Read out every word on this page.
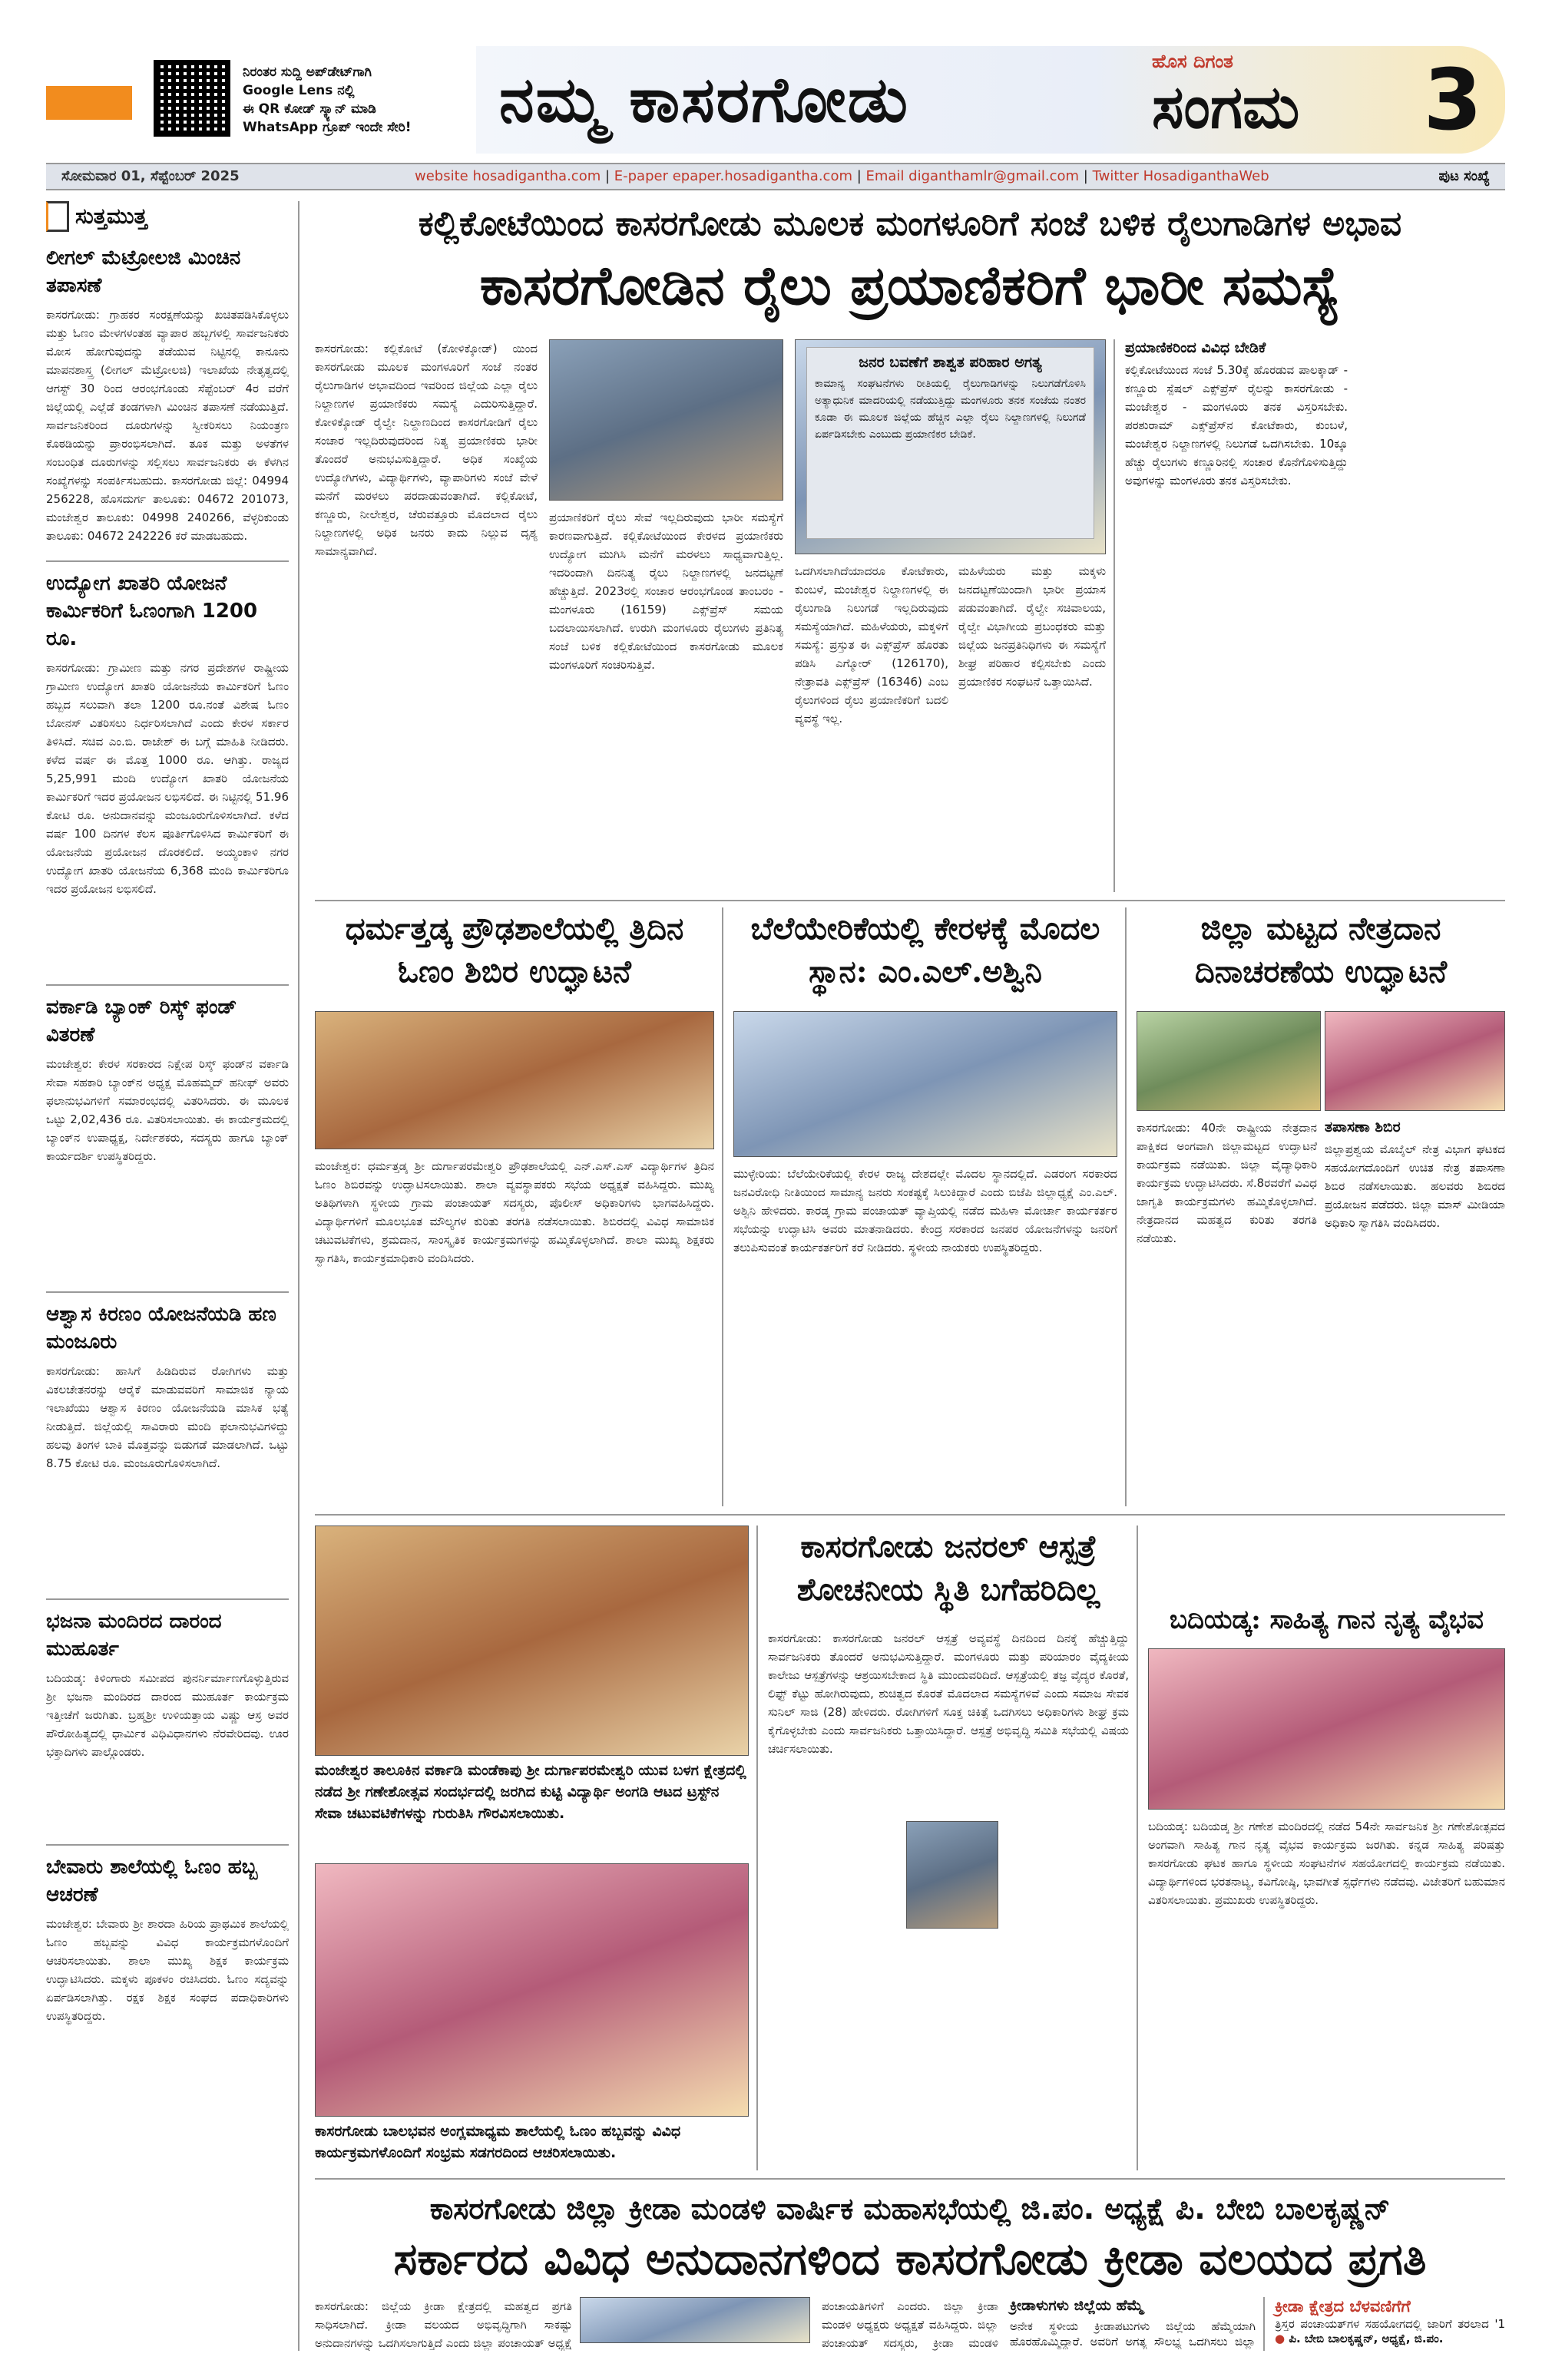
ನಿರಂತರ ಸುದ್ದಿ ಅಪ್‌ಡೇಟ್‌ಗಾಗಿ
Google Lens ನಲ್ಲಿ
ಈ QR ಕೋಡ್ ಸ್ಕ್ಯಾನ್ ಮಾಡಿ
WhatsApp ಗ್ರೂಪ್ ಇಂದೇ ಸೇರಿ!	ನಮ್ಮ ಕಾಸರಗೋಡು
ಹೊಸ ದಿಗಂತ
ಸಂಗಮ 3
ಸೋಮವಾರ 01, ಸೆಪ್ಟೆಂಬರ್ 2025	website hosadigantha.com | E-paper epaper.hosadigantha.com | Email diganthamlr@gmail.com | Twitter HosadiganthaWeb	ಪುಟ ಸಂಖ್ಯೆ
ಸುತ್ತಮುತ್ತ
ಲೀಗಲ್ ಮೆಟ್ರೋಲಜಿ ಮಿಂಚಿನ ತಪಾಸಣೆ
ಕಾಸರಗೋಡು: ಗ್ರಾಹಕರ ಸಂರಕ್ಷಣೆಯನ್ನು ಖಚಿತಪಡಿಸಿಕೊಳ್ಳಲು ಮತ್ತು ಓಣಂ ಮೇಳಗಳಂತಹ ವ್ಯಾಪಾರ ಹಬ್ಬಗಳಲ್ಲಿ ಸಾರ್ವಜನಿಕರು ಮೋಸ ಹೋಗುವುದನ್ನು ತಡೆಯುವ ನಿಟ್ಟಿನಲ್ಲಿ ಕಾನೂನು ಮಾಪನಶಾಸ್ತ್ರ (ಲೀಗಲ್ ಮೆಟ್ರೋಲಜಿ) ಇಲಾಖೆಯ ನೇತೃತ್ವದಲ್ಲಿ ಆಗಸ್ಟ್ 30 ರಿಂದ ಆರಂಭಗೊಂಡು ಸೆಪ್ಟೆಂಬರ್ 4ರ ವರೆಗೆ ಜಿಲ್ಲೆಯಲ್ಲಿ ಎಲ್ಲೆಡೆ ತಂಡಗಳಾಗಿ ಮಿಂಚಿನ ತಪಾಸಣೆ ನಡೆಯುತ್ತಿದೆ. ಸಾರ್ವಜನಿಕರಿಂದ ದೂರುಗಳನ್ನು ಸ್ವೀಕರಿಸಲು ನಿಯಂತ್ರಣ ಕೊಠಡಿಯನ್ನು ಪ್ರಾರಂಭಿಸಲಾಗಿದೆ. ತೂಕ ಮತ್ತು ಅಳತೆಗಳ ಸಂಬಂಧಿತ ದೂರುಗಳನ್ನು ಸಲ್ಲಿಸಲು ಸಾರ್ವಜನಿಕರು ಈ ಕೆಳಗಿನ ಸಂಖ್ಯೆಗಳನ್ನು ಸಂಪರ್ಕಿಸಬಹುದು. ಕಾಸರಗೋಡು ಜಿಲ್ಲೆ: 04994 256228, ಹೊಸದುರ್ಗ ತಾಲೂಕು: 04672 201073, ಮಂಜೇಶ್ವರ ತಾಲೂಕು: 04998 240266, ವೆಳ್ಳರಿಕುಂಡು ತಾಲೂಕು: 04672 242226 ಕರೆ ಮಾಡಬಹುದು.
ಉದ್ಯೋಗ ಖಾತರಿ ಯೋಜನೆ ಕಾರ್ಮಿಕರಿಗೆ ಓಣಂಗಾಗಿ 1200 ರೂ.
ಕಾಸರಗೋಡು: ಗ್ರಾಮೀಣ ಮತ್ತು ನಗರ ಪ್ರದೇಶಗಳ ರಾಷ್ಟ್ರೀಯ ಗ್ರಾಮೀಣ ಉದ್ಯೋಗ ಖಾತರಿ ಯೋಜನೆಯ ಕಾರ್ಮಿಕರಿಗೆ ಓಣಂ ಹಬ್ಬದ ಸಲುವಾಗಿ ತಲಾ 1200 ರೂ.ನಂತೆ ವಿಶೇಷ ಓಣಂ ಬೋನಸ್ ವಿತರಿಸಲು ನಿರ್ಧರಿಸಲಾಗಿದೆ ಎಂದು ಕೇರಳ ಸರ್ಕಾರ ತಿಳಿಸಿದೆ. ಸಚಿವ ಎಂ.ಬಿ. ರಾಜೇಶ್ ಈ ಬಗ್ಗೆ ಮಾಹಿತಿ ನೀಡಿದರು. ಕಳೆದ ವರ್ಷ ಈ ಮೊತ್ತ 1000 ರೂ. ಆಗಿತ್ತು. ರಾಜ್ಯದ 5,25,991 ಮಂದಿ ಉದ್ಯೋಗ ಖಾತರಿ ಯೋಜನೆಯ ಕಾರ್ಮಿಕರಿಗೆ ಇದರ ಪ್ರಯೋಜನ ಲಭಿಸಲಿದೆ. ಈ ನಿಟ್ಟಿನಲ್ಲಿ 51.96 ಕೋಟಿ ರೂ. ಅನುದಾನವನ್ನು ಮಂಜೂರುಗೊಳಿಸಲಾಗಿದೆ. ಕಳೆದ ವರ್ಷ 100 ದಿನಗಳ ಕೆಲಸ ಪೂರ್ತಿಗೊಳಿಸಿದ ಕಾರ್ಮಿಕರಿಗೆ ಈ ಯೋಜನೆಯ ಪ್ರಯೋಜನ ದೊರಕಲಿದೆ. ಅಯ್ಯಂಕಾಳಿ ನಗರ ಉದ್ಯೋಗ ಖಾತರಿ ಯೋಜನೆಯ 6,368 ಮಂದಿ ಕಾರ್ಮಿಕರಿಗೂ ಇದರ ಪ್ರಯೋಜನ ಲಭಿಸಲಿದೆ.
ವರ್ಕಾಡಿ ಬ್ಯಾಂಕ್ ರಿಸ್ಕ್ ಫಂಡ್ ವಿತರಣೆ
ಮಂಜೇಶ್ವರ: ಕೇರಳ ಸರಕಾರದ ನಿಕ್ಷೇಪ ರಿಸ್ಕ್ ಫಂಡ್‌ನ ವರ್ಕಾಡಿ ಸೇವಾ ಸಹಕಾರಿ ಬ್ಯಾಂಕ್‌ನ ಅಧ್ಯಕ್ಷ ಮೊಹಮ್ಮದ್ ಹನೀಫ್ ಅವರು ಫಲಾನುಭವಿಗಳಿಗೆ ಸಮಾರಂಭದಲ್ಲಿ ವಿತರಿಸಿದರು. ಈ ಮೂಲಕ ಒಟ್ಟು 2,02,436 ರೂ. ವಿತರಿಸಲಾಯಿತು. ಈ ಕಾರ್ಯಕ್ರಮದಲ್ಲಿ ಬ್ಯಾಂಕ್‌ನ ಉಪಾಧ್ಯಕ್ಷ, ನಿರ್ದೇಶಕರು, ಸದಸ್ಯರು ಹಾಗೂ ಬ್ಯಾಂಕ್ ಕಾರ್ಯದರ್ಶಿ ಉಪಸ್ಥಿತರಿದ್ದರು.
ಆಶ್ವಾಸ ಕಿರಣಂ ಯೋಜನೆಯಡಿ ಹಣ ಮಂಜೂರು
ಕಾಸರಗೋಡು: ಹಾಸಿಗೆ ಹಿಡಿದಿರುವ ರೋಗಿಗಳು ಮತ್ತು ವಿಕಲಚೇತನರನ್ನು ಆರೈಕೆ ಮಾಡುವವರಿಗೆ ಸಾಮಾಜಿಕ ನ್ಯಾಯ ಇಲಾಖೆಯು ಆಶ್ವಾಸ ಕಿರಣಂ ಯೋಜನೆಯಡಿ ಮಾಸಿಕ ಭತ್ಯೆ ನೀಡುತ್ತಿದೆ. ಜಿಲ್ಲೆಯಲ್ಲಿ ಸಾವಿರಾರು ಮಂದಿ ಫಲಾನುಭವಿಗಳಿದ್ದು ಹಲವು ತಿಂಗಳ ಬಾಕಿ ಮೊತ್ತವನ್ನು ಬಿಡುಗಡೆ ಮಾಡಲಾಗಿದೆ. ಒಟ್ಟು 8.75 ಕೋಟಿ ರೂ. ಮಂಜೂರುಗೊಳಿಸಲಾಗಿದೆ.
ಭಜನಾ ಮಂದಿರದ ದಾರಂದ ಮುಹೂರ್ತ
ಬದಿಯಡ್ಕ: ಕಿಳಿಂಗಾರು ಸಮೀಪದ ಪುನರ್ನಿರ್ಮಾಣಗೊಳ್ಳುತ್ತಿರುವ ಶ್ರೀ ಭಜನಾ ಮಂದಿರದ ದಾರಂದ ಮುಹೂರ್ತ ಕಾರ್ಯಕ್ರಮ ಇತ್ತೀಚೆಗೆ ಜರುಗಿತು. ಬ್ರಹ್ಮಶ್ರೀ ಉಳಿಯತ್ತಾಯ ವಿಷ್ಣು ಆಸ್ರ ಅವರ ಪೌರೋಹಿತ್ಯದಲ್ಲಿ ಧಾರ್ಮಿಕ ವಿಧಿವಿಧಾನಗಳು ನೆರವೇರಿದವು. ಊರ ಭಕ್ತಾದಿಗಳು ಪಾಲ್ಗೊಂಡರು.
ಬೇವಾರು ಶಾಲೆಯಲ್ಲಿ ಓಣಂ ಹಬ್ಬ ಆಚರಣೆ
ಮಂಜೇಶ್ವರ: ಬೇವಾರು ಶ್ರೀ ಶಾರದಾ ಹಿರಿಯ ಪ್ರಾಥಮಿಕ ಶಾಲೆಯಲ್ಲಿ ಓಣಂ ಹಬ್ಬವನ್ನು ವಿವಿಧ ಕಾರ್ಯಕ್ರಮಗಳೊಂದಿಗೆ ಆಚರಿಸಲಾಯಿತು. ಶಾಲಾ ಮುಖ್ಯ ಶಿಕ್ಷಕ ಕಾರ್ಯಕ್ರಮ ಉದ್ಘಾಟಿಸಿದರು. ಮಕ್ಕಳು ಪೂಕಳಂ ರಚಿಸಿದರು. ಓಣಂ ಸದ್ಯವನ್ನು ಏರ್ಪಡಿಸಲಾಗಿತ್ತು. ರಕ್ಷಕ ಶಿಕ್ಷಕ ಸಂಘದ ಪದಾಧಿಕಾರಿಗಳು ಉಪಸ್ಥಿತರಿದ್ದರು.
ಕಲ್ಲಿಕೋಟೆಯಿಂದ ಕಾಸರಗೋಡು ಮೂಲಕ ಮಂಗಳೂರಿಗೆ ಸಂಜೆ ಬಳಿಕ ರೈಲುಗಾಡಿಗಳ ಅಭಾವ
ಕಾಸರಗೋಡಿನ ರೈಲು ಪ್ರಯಾಣಿಕರಿಗೆ ಭಾರೀ ಸಮಸ್ಯೆ
ಕಾಸರಗೋಡು: ಕಲ್ಲಿಕೋಟೆ (ಕೋಳಿಕ್ಕೋಡ್) ಯಿಂದ ಕಾಸರಗೋಡು ಮೂಲಕ ಮಂಗಳೂರಿಗೆ ಸಂಜೆ ನಂತರ ರೈಲುಗಾಡಿಗಳ ಅಭಾವದಿಂದ ಇವರಿಂದ ಜಿಲ್ಲೆಯ ಎಲ್ಲಾ ರೈಲು ನಿಲ್ದಾಣಗಳ ಪ್ರಯಾಣಿಕರು ಸಮಸ್ಯೆ ಎದುರಿಸುತ್ತಿದ್ದಾರೆ. ಕೋಳಿಕ್ಕೋಡ್ ರೈಲ್ವೇ ನಿಲ್ದಾಣದಿಂದ ಕಾಸರಗೋಡಿಗೆ ರೈಲು ಸಂಚಾರ ಇಲ್ಲದಿರುವುದರಿಂದ ನಿತ್ಯ ಪ್ರಯಾಣಿಕರು ಭಾರೀ ತೊಂದರೆ ಅನುಭವಿಸುತ್ತಿದ್ದಾರೆ. ಅಧಿಕ ಸಂಖ್ಯೆಯ ಉದ್ಯೋಗಿಗಳು, ವಿದ್ಯಾರ್ಥಿಗಳು, ವ್ಯಾಪಾರಿಗಳು ಸಂಜೆ ವೇಳೆ ಮನೆಗೆ ಮರಳಲು ಪರದಾಡುವಂತಾಗಿದೆ. ಕಲ್ಲಿಕೋಟೆ, ಕಣ್ಣೂರು, ನೀಲೇಶ್ವರ, ಚೆರುವತ್ತೂರು ಮೊದಲಾದ ರೈಲು ನಿಲ್ದಾಣಗಳಲ್ಲಿ ಅಧಿಕ ಜನರು ಕಾದು ನಿಲ್ಲುವ ದೃಶ್ಯ ಸಾಮಾನ್ಯವಾಗಿದೆ.
ಪ್ರಯಾಣಿಕರಿಗೆ ರೈಲು ಸೇವೆ ಇಲ್ಲದಿರುವುದು ಭಾರೀ ಸಮಸ್ಯೆಗೆ ಕಾರಣವಾಗುತ್ತಿದೆ. ಕಲ್ಲಿಕೋಟೆಯಿಂದ ಕೇರಳದ ಪ್ರಯಾಣಿಕರು ಉದ್ಯೋಗ ಮುಗಿಸಿ ಮನೆಗೆ ಮರಳಲು ಸಾಧ್ಯವಾಗುತ್ತಿಲ್ಲ. ಇದರಿಂದಾಗಿ ದಿನನಿತ್ಯ ರೈಲು ನಿಲ್ದಾಣಗಳಲ್ಲಿ ಜನದಟ್ಟಣೆ ಹೆಚ್ಚುತ್ತಿದೆ. 2023ರಲ್ಲಿ ಸಂಚಾರ ಆರಂಭಗೊಂಡ ತಾಂಬರಂ - ಮಂಗಳೂರು (16159) ಎಕ್ಸ್‌ಪ್ರೆಸ್ ಸಮಯ ಬದಲಾಯಿಸಲಾಗಿದೆ. ಉರುಗಿ ಮಂಗಳೂರು ರೈಲುಗಳು ಪ್ರತಿನಿತ್ಯ ಸಂಜೆ ಬಳಿಕ ಕಲ್ಲಿಕೋಟೆಯಿಂದ ಕಾಸರಗೋಡು ಮೂಲಕ ಮಂಗಳೂರಿಗೆ ಸಂಚರಿಸುತ್ತಿವೆ.
ಜನರ ಬವಣೆಗೆ ಶಾಶ್ವತ ಪರಿಹಾರ ಅಗತ್ಯ
ಕಾಮಾನ್ಯ ಸಂಘಟನೆಗಳು ರೀತಿಯಲ್ಲಿ ರೈಲುಗಾಡಿಗಳನ್ನು ನಿಲುಗಡೆಗೊಳಿಸಿ ಅತ್ಯಾಧುನಿಕ ಮಾದರಿಯಲ್ಲಿ ನಡೆಯುತ್ತಿದ್ದು ಮಂಗಳೂರು ತನಕ ಸಂಜೆಯ ನಂತರ ಕೂಡಾ ಈ ಮೂಲಕ ಜಿಲ್ಲೆಯ ಹೆಚ್ಚಿನ ಎಲ್ಲಾ ರೈಲು ನಿಲ್ದಾಣಗಳಲ್ಲಿ ನಿಲುಗಡೆ ಏರ್ಪಡಿಸಬೇಕು ಎಂಬುದು ಪ್ರಯಾಣಿಕರ ಬೇಡಿಕೆ.
ಒದಗಿಸಲಾಗಿದೆಯಾದರೂ ಕೋಟೆಕಾರು, ಕುಂಬಳೆ, ಮಂಜೇಶ್ವರ ನಿಲ್ದಾಣಗಳಲ್ಲಿ ಈ ರೈಲುಗಾಡಿ ನಿಲುಗಡೆ ಇಲ್ಲದಿರುವುದು ಸಮಸ್ಯೆಯಾಗಿದೆ. ಮಹಿಳೆಯರು, ಮಕ್ಕಳಿಗೆ ಸಮಸ್ಯೆ: ಪ್ರಸ್ತುತ ಈ ಎಕ್ಸ್‌ಪ್ರೆಸ್ ಹೊರತು ಪಡಿಸಿ ಎಗ್ಮೋರ್ (126170), ನೇತ್ರಾವತಿ ಎಕ್ಸ್‌ಪ್ರೆಸ್ (16346) ಎಂಬ ರೈಲುಗಳಿಂದ ರೈಲು ಪ್ರಯಾಣಿಕರಿಗೆ ಬದಲಿ ವ್ಯವಸ್ಥೆ ಇಲ್ಲ.
ಮಹಿಳೆಯರು ಮತ್ತು ಮಕ್ಕಳು ಜನದಟ್ಟಣೆಯಿಂದಾಗಿ ಭಾರೀ ಪ್ರಯಾಸ ಪಡುವಂತಾಗಿದೆ. ರೈಲ್ವೇ ಸಚಿವಾಲಯ, ರೈಲ್ವೇ ವಿಭಾಗೀಯ ಪ್ರಬಂಧಕರು ಮತ್ತು ಜಿಲ್ಲೆಯ ಜನಪ್ರತಿನಿಧಿಗಳು ಈ ಸಮಸ್ಯೆಗೆ ಶೀಘ್ರ ಪರಿಹಾರ ಕಲ್ಪಿಸಬೇಕು ಎಂದು ಪ್ರಯಾಣಿಕರ ಸಂಘಟನೆ ಒತ್ತಾಯಿಸಿದೆ.
ಪ್ರಯಾಣಿಕರಿಂದ ವಿವಿಧ ಬೇಡಿಕೆ
ಕಲ್ಲಿಕೋಟೆಯಿಂದ ಸಂಜೆ 5.30ಕ್ಕೆ ಹೊರಡುವ ಪಾಲಕ್ಕಾಡ್ - ಕಣ್ಣೂರು ಸ್ಪೆಷಲ್ ಎಕ್ಸ್‌ಪ್ರೆಸ್ ರೈಲನ್ನು ಕಾಸರಗೋಡು - ಮಂಜೇಶ್ವರ - ಮಂಗಳೂರು ತನಕ ವಿಸ್ತರಿಸಬೇಕು. ಪರಶುರಾಮ್ ಎಕ್ಸ್‌ಪ್ರೆಸ್‌ನ ಕೋಟೆಕಾರು, ಕುಂಬಳೆ, ಮಂಜೇಶ್ವರ ನಿಲ್ದಾಣಗಳಲ್ಲಿ ನಿಲುಗಡೆ ಒದಗಿಸಬೇಕು. 10ಕ್ಕೂ ಹೆಚ್ಚು ರೈಲುಗಳು ಕಣ್ಣೂರಿನಲ್ಲಿ ಸಂಚಾರ ಕೊನೆಗೊಳಿಸುತ್ತಿದ್ದು ಅವುಗಳನ್ನು ಮಂಗಳೂರು ತನಕ ವಿಸ್ತರಿಸಬೇಕು.
ಧರ್ಮತ್ತಡ್ಕ ಪ್ರೌಢಶಾಲೆಯಲ್ಲಿ ತ್ರಿದಿನ ಓಣಂ ಶಿಬಿರ ಉದ್ಘಾಟನೆ
ಮಂಜೇಶ್ವರ: ಧರ್ಮತ್ತಡ್ಕ ಶ್ರೀ ದುರ್ಗಾಪರಮೇಶ್ವರಿ ಪ್ರೌಢಶಾಲೆಯಲ್ಲಿ ಎನ್.ಎಸ್.ಎಸ್ ವಿದ್ಯಾರ್ಥಿಗಳ ತ್ರಿದಿನ ಓಣಂ ಶಿಬಿರವನ್ನು ಉದ್ಘಾಟಿಸಲಾಯಿತು. ಶಾಲಾ ವ್ಯವಸ್ಥಾಪಕರು ಸಭೆಯ ಅಧ್ಯಕ್ಷತೆ ವಹಿಸಿದ್ದರು. ಮುಖ್ಯ ಅತಿಥಿಗಳಾಗಿ ಸ್ಥಳೀಯ ಗ್ರಾಮ ಪಂಚಾಯತ್ ಸದಸ್ಯರು, ಪೊಲೀಸ್ ಅಧಿಕಾರಿಗಳು ಭಾಗವಹಿಸಿದ್ದರು. ವಿದ್ಯಾರ್ಥಿಗಳಿಗೆ ಮೂಲಭೂತ ಮೌಲ್ಯಗಳ ಕುರಿತು ತರಗತಿ ನಡೆಸಲಾಯಿತು. ಶಿಬಿರದಲ್ಲಿ ವಿವಿಧ ಸಾಮಾಜಿಕ ಚಟುವಟಿಕೆಗಳು, ಶ್ರಮದಾನ, ಸಾಂಸ್ಕೃತಿಕ ಕಾರ್ಯಕ್ರಮಗಳನ್ನು ಹಮ್ಮಿಕೊಳ್ಳಲಾಗಿದೆ. ಶಾಲಾ ಮುಖ್ಯ ಶಿಕ್ಷಕರು ಸ್ವಾಗತಿಸಿ, ಕಾರ್ಯಕ್ರಮಾಧಿಕಾರಿ ವಂದಿಸಿದರು.
ಬೆಲೆಯೇರಿಕೆಯಲ್ಲಿ ಕೇರಳಕ್ಕೆ ಮೊದಲ ಸ್ಥಾನ: ಎಂ.ಎಲ್.ಅಶ್ವಿನಿ
ಮುಳ್ಳೇರಿಯ: ಬೆಲೆಯೇರಿಕೆಯಲ್ಲಿ ಕೇರಳ ರಾಜ್ಯ ದೇಶದಲ್ಲೇ ಮೊದಲ ಸ್ಥಾನದಲ್ಲಿದೆ. ಎಡರಂಗ ಸರಕಾರದ ಜನವಿರೋಧಿ ನೀತಿಯಿಂದ ಸಾಮಾನ್ಯ ಜನರು ಸಂಕಷ್ಟಕ್ಕೆ ಸಿಲುಕಿದ್ದಾರೆ ಎಂದು ಬಿಜೆಪಿ ಜಿಲ್ಲಾಧ್ಯಕ್ಷೆ ಎಂ.ಎಲ್. ಅಶ್ವಿನಿ ಹೇಳಿದರು. ಕಾರಡ್ಕ ಗ್ರಾಮ ಪಂಚಾಯತ್ ವ್ಯಾಪ್ತಿಯಲ್ಲಿ ನಡೆದ ಮಹಿಳಾ ಮೋರ್ಚಾ ಕಾರ್ಯಕರ್ತರ ಸಭೆಯನ್ನು ಉದ್ಘಾಟಿಸಿ ಅವರು ಮಾತನಾಡಿದರು. ಕೇಂದ್ರ ಸರಕಾರದ ಜನಪರ ಯೋಜನೆಗಳನ್ನು ಜನರಿಗೆ ತಲುಪಿಸುವಂತೆ ಕಾರ್ಯಕರ್ತರಿಗೆ ಕರೆ ನೀಡಿದರು. ಸ್ಥಳೀಯ ನಾಯಕರು ಉಪಸ್ಥಿತರಿದ್ದರು.
ಜಿಲ್ಲಾ ಮಟ್ಟದ ನೇತ್ರದಾನ ದಿನಾಚರಣೆಯ ಉದ್ಘಾಟನೆ
ಕಾಸರಗೋಡು: 40ನೇ ರಾಷ್ಟ್ರೀಯ ನೇತ್ರದಾನ ಪಾಕ್ಷಿಕದ ಅಂಗವಾಗಿ ಜಿಲ್ಲಾಮಟ್ಟದ ಉದ್ಘಾಟನೆ ಕಾರ್ಯಕ್ರಮ ನಡೆಯಿತು. ಜಿಲ್ಲಾ ವೈದ್ಯಾಧಿಕಾರಿ ಕಾರ್ಯಕ್ರಮ ಉದ್ಘಾಟಿಸಿದರು. ಸೆ.8ರವರೆಗೆ ವಿವಿಧ ಜಾಗೃತಿ ಕಾರ್ಯಕ್ರಮಗಳು ಹಮ್ಮಿಕೊಳ್ಳಲಾಗಿದೆ. ನೇತ್ರದಾನದ ಮಹತ್ವದ ಕುರಿತು ತರಗತಿ ನಡೆಯಿತು.
ತಪಾಸಣಾ ಶಿಬಿರ
ಜಿಲ್ಲಾಪ್ರಶ್ವಯ ಮೊಬೈಲ್ ನೇತ್ರ ವಿಭಾಗ ಘಟಕದ ಸಹಯೋಗದೊಂದಿಗೆ ಉಚಿತ ನೇತ್ರ ತಪಾಸಣಾ ಶಿಬಿರ ನಡೆಸಲಾಯಿತು. ಹಲವರು ಶಿಬಿರದ ಪ್ರಯೋಜನ ಪಡೆದರು. ಜಿಲ್ಲಾ ಮಾಸ್ ಮೀಡಿಯಾ ಅಧಿಕಾರಿ ಸ್ವಾಗತಿಸಿ ವಂದಿಸಿದರು.
ಮಂಜೇಶ್ವರ ತಾಲೂಕಿನ ವರ್ಕಾಡಿ ಮಂಡೆಕಾಪು ಶ್ರೀ ದುರ್ಗಾಪರಮೇಶ್ವರಿ ಯುವ ಬಳಗ ಕ್ಷೇತ್ರದಲ್ಲಿ ನಡೆದ ಶ್ರೀ ಗಣೇಶೋತ್ಸವ ಸಂದರ್ಭದಲ್ಲಿ ಜರಗಿದ ಕುಟ್ಟಿ ವಿದ್ಯಾರ್ಥಿ ಅಂಗಡಿ ಆಟದ ಟ್ರಸ್ಟ್‌ನ ಸೇವಾ ಚಟುವಟಿಕೆಗಳನ್ನು ಗುರುತಿಸಿ ಗೌರವಿಸಲಾಯಿತು.
ಕಾಸರಗೋಡು ಬಾಲಭವನ ಅಂಗ್ಲಮಾಧ್ಯಮ ಶಾಲೆಯಲ್ಲಿ ಓಣಂ ಹಬ್ಬವನ್ನು ವಿವಿಧ ಕಾರ್ಯಕ್ರಮಗಳೊಂದಿಗೆ ಸಂಭ್ರಮ ಸಡಗರದಿಂದ ಆಚರಿಸಲಾಯಿತು.
ಕಾಸರಗೋಡು ಜನರಲ್ ಆಸ್ಪತ್ರೆ ಶೋಚನೀಯ ಸ್ಥಿತಿ ಬಗೆಹರಿದಿಲ್ಲ
ಕಾಸರಗೋಡು: ಕಾಸರಗೋಡು ಜನರಲ್ ಆಸ್ಪತ್ರೆ ಅವ್ಯವಸ್ಥೆ ದಿನದಿಂದ ದಿನಕ್ಕೆ ಹೆಚ್ಚುತ್ತಿದ್ದು ಸಾರ್ವಜನಿಕರು ತೊಂದರೆ ಅನುಭವಿಸುತ್ತಿದ್ದಾರೆ. ಮಂಗಳೂರು ಮತ್ತು ಪರಿಯಾರಂ ವೈದ್ಯಕೀಯ ಕಾಲೇಜು ಆಸ್ಪತ್ರೆಗಳನ್ನು ಆಶ್ರಯಿಸಬೇಕಾದ ಸ್ಥಿತಿ ಮುಂದುವರಿದಿದೆ. ಆಸ್ಪತ್ರೆಯಲ್ಲಿ ತಜ್ಞ ವೈದ್ಯರ ಕೊರತೆ, ಲಿಫ್ಟ್ ಕೆಟ್ಟು ಹೋಗಿರುವುದು, ಶುಚಿತ್ವದ ಕೊರತೆ ಮೊದಲಾದ ಸಮಸ್ಯೆಗಳಿವೆ ಎಂದು ಸಮಾಜ ಸೇವಕ ಸುನಿಲ್ ಸಾಜಿ (28) ಹೇಳಿದರು. ರೋಗಿಗಳಿಗೆ ಸೂಕ್ತ ಚಿಕಿತ್ಸೆ ಒದಗಿಸಲು ಅಧಿಕಾರಿಗಳು ಶೀಘ್ರ ಕ್ರಮ ಕೈಗೊಳ್ಳಬೇಕು ಎಂದು ಸಾರ್ವಜನಿಕರು ಒತ್ತಾಯಿಸಿದ್ದಾರೆ. ಆಸ್ಪತ್ರೆ ಅಭಿವೃದ್ಧಿ ಸಮಿತಿ ಸಭೆಯಲ್ಲಿ ವಿಷಯ ಚರ್ಚಿಸಲಾಯಿತು.
ಬದಿಯಡ್ಕ: ಸಾಹಿತ್ಯ ಗಾನ ನೃತ್ಯ ವೈಭವ
ಬದಿಯಡ್ಕ: ಬದಿಯಡ್ಕ ಶ್ರೀ ಗಣೇಶ ಮಂದಿರದಲ್ಲಿ ನಡೆದ 54ನೇ ಸಾರ್ವಜನಿಕ ಶ್ರೀ ಗಣೇಶೋತ್ಸವದ ಅಂಗವಾಗಿ ಸಾಹಿತ್ಯ ಗಾನ ನೃತ್ಯ ವೈಭವ ಕಾರ್ಯಕ್ರಮ ಜರಗಿತು. ಕನ್ನಡ ಸಾಹಿತ್ಯ ಪರಿಷತ್ತು ಕಾಸರಗೋಡು ಘಟಕ ಹಾಗೂ ಸ್ಥಳೀಯ ಸಂಘಟನೆಗಳ ಸಹಯೋಗದಲ್ಲಿ ಕಾರ್ಯಕ್ರಮ ನಡೆಯಿತು. ವಿದ್ಯಾರ್ಥಿಗಳಿಂದ ಭರತನಾಟ್ಯ, ಕವಿಗೋಷ್ಠಿ, ಭಾವಗೀತೆ ಸ್ಪರ್ಧೆಗಳು ನಡೆದವು. ವಿಜೇತರಿಗೆ ಬಹುಮಾನ ವಿತರಿಸಲಾಯಿತು. ಪ್ರಮುಖರು ಉಪಸ್ಥಿತರಿದ್ದರು.
ಕಾಸರಗೋಡು ಜಿಲ್ಲಾ ಕ್ರೀಡಾ ಮಂಡಳಿ ವಾರ್ಷಿಕ ಮಹಾಸಭೆಯಲ್ಲಿ ಜಿ.ಪಂ. ಅಧ್ಯಕ್ಷೆ ಪಿ. ಬೇಬಿ ಬಾಲಕೃಷ್ಣನ್
ಸರ್ಕಾರದ ವಿವಿಧ ಅನುದಾನಗಳಿಂದ ಕಾಸರಗೋಡು ಕ್ರೀಡಾ ವಲಯದ ಪ್ರಗತಿ
ಕಾಸರಗೋಡು: ಜಿಲ್ಲೆಯ ಕ್ರೀಡಾ ಕ್ಷೇತ್ರದಲ್ಲಿ ಮಹತ್ವದ ಪ್ರಗತಿ ಸಾಧಿಸಲಾಗಿದೆ. ಕ್ರೀಡಾ ವಲಯದ ಅಭಿವೃದ್ಧಿಗಾಗಿ ಸಾಕಷ್ಟು ಅನುದಾನಗಳನ್ನು ಒದಗಿಸಲಾಗುತ್ತಿದೆ ಎಂದು ಜಿಲ್ಲಾ ಪಂಚಾಯತ್ ಅಧ್ಯಕ್ಷೆ
ಪಂಚಾಯತಿಗಳಿಗೆ ಎಂದರು. ಜಿಲ್ಲಾ ಕ್ರೀಡಾ ಮಂಡಳಿ ಅಧ್ಯಕ್ಷರು ಅಧ್ಯಕ್ಷತೆ ವಹಿಸಿದ್ದರು. ಜಿಲ್ಲಾ ಪಂಚಾಯತ್ ಸದಸ್ಯರು, ಕ್ರೀಡಾ ಮಂಡಳಿ
ಕ್ರೀಡಾಳುಗಳು ಜಿಲ್ಲೆಯ ಹೆಮ್ಮೆ
ಅನೇಕ ಸ್ಥಳೀಯ ಕ್ರೀಡಾಪಟುಗಳು ಜಿಲ್ಲೆಯ ಹೆಮ್ಮೆಯಾಗಿ ಹೊರಹೊಮ್ಮಿದ್ದಾರೆ. ಅವರಿಗೆ ಅಗತ್ಯ ಸೌಲಭ್ಯ ಒದಗಿಸಲು ಜಿಲ್ಲಾ
ಕ್ರೀಡಾ ಕ್ಷೇತ್ರದ ಬೆಳವಣಿಗೆಗೆ
ತ್ರಿಸ್ತರ ಪಂಚಾಯತ್‌ಗಳ ಸಹಯೋಗದಲ್ಲಿ ಜಾರಿಗೆ ತರಲಾದ '1
● ಪಿ. ಬೇಬಿ ಬಾಲಕೃಷ್ಣನ್, ಅಧ್ಯಕ್ಷೆ, ಜಿ.ಪಂ.
